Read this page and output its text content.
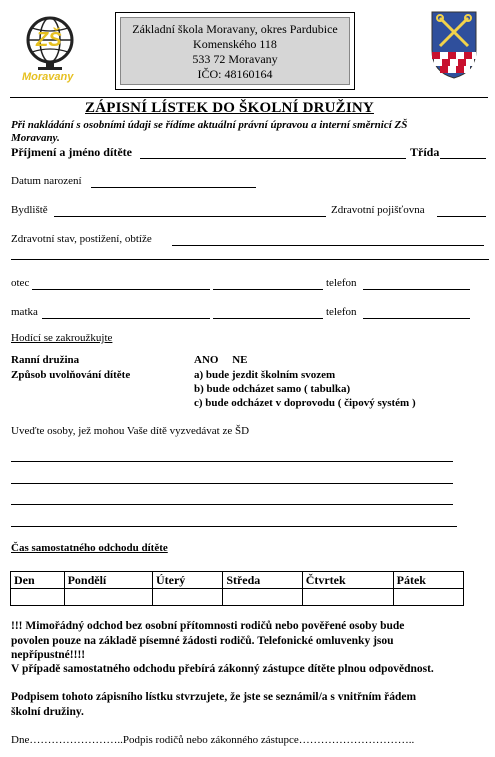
ZŠ
Moravany
Základní škola Moravany, okres Pardubice
Komenského 118
533 72 Moravany
IČO: 48160164
ZÁPISNÍ LÍSTEK DO ŠKOLNÍ DRUŽINY
Při nakládání s osobními údaji se řídíme aktuální právní úpravou a interní směrnicí ZŠ
Moravany.
Příjmení a jméno dítěte	Třída
Datum narození
Bydliště	Zdravotní pojišťovna
Zdravotní stav, postižení, obtíže
otec	telefon
matka	telefon
Hodící se zakroužkujte
Ranní družina	ANO     NE
Způsob uvolňování dítěte	a) bude jezdit školním svozem
b) bude odcházet samo ( tabulka)
c) bude odcházet v doprovodu ( čipový systém )
Uveďte osoby, jež mohou Vaše dítě vyzvedávat ze ŠD
Čas samostatného odchodu dítěte
Den	Pondělí	Úterý	Středa	Čtvrtek	Pátek

!!! Mimořádný odchod bez osobní přítomnosti rodičů nebo pověřené osoby bude
povolen pouze na základě písemné žádosti rodičů. Telefonické omluvenky jsou
nepřípustné!!!!
V případě samostatného odchodu přebírá zákonný zástupce dítěte plnou odpovědnost.
Podpisem tohoto zápisního lístku stvrzujete, že jste se seznámil/a s vnitřním řádem
školní družiny.
Dne……………………..Podpis rodičů nebo zákonného zástupce…………………………..
